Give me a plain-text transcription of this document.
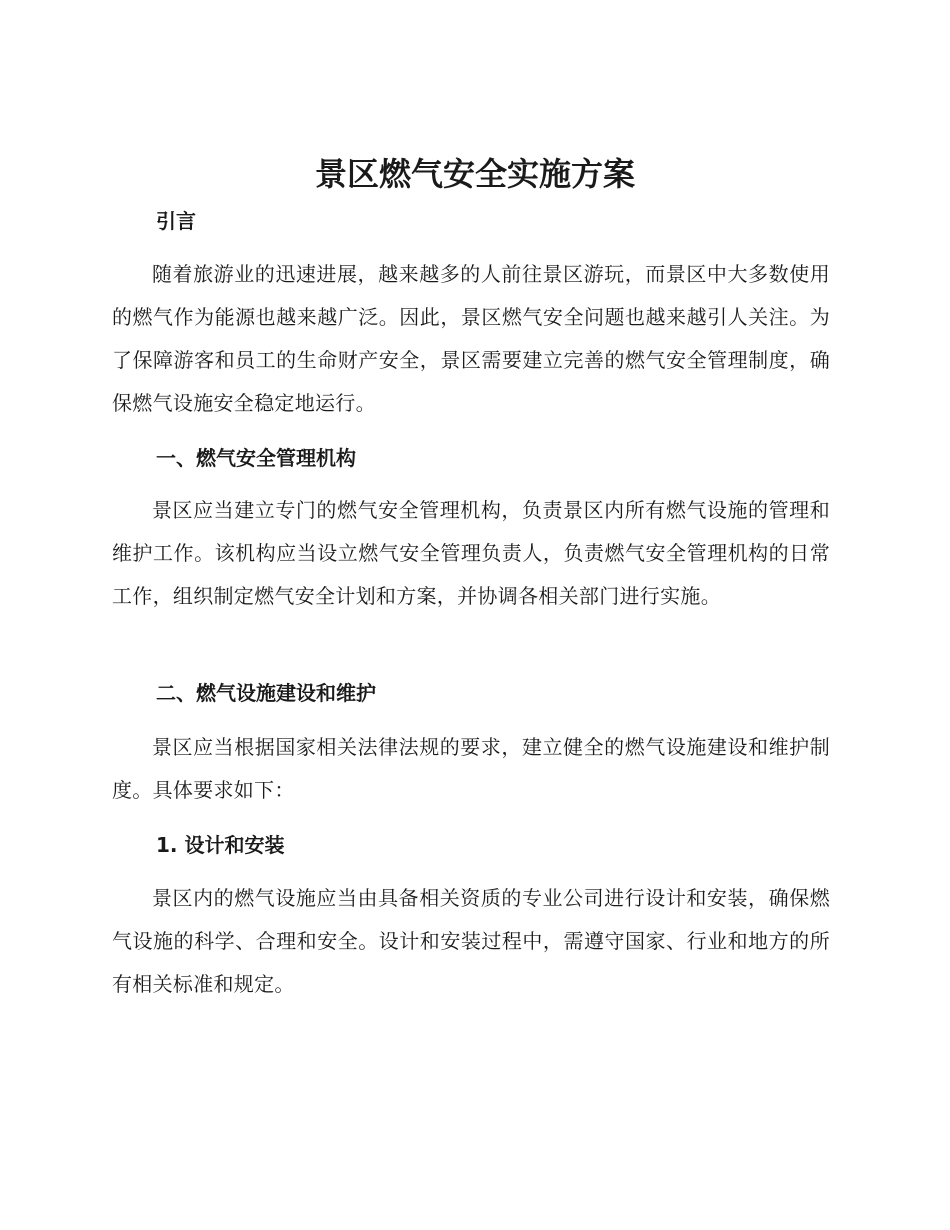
景区燃气安全实施方案
引言

随着旅游业的迅速进展，越来越多的人前往景区游玩，而景区中大多数使用的燃气作为能源也越来越广泛。因此，景区燃气安全问题也越来越引人关注。为了保障游客和员工的生命财产安全，景区需要建立完善的燃气安全管理制度，确保燃气设施安全稳定地运行。

一、燃气安全管理机构

景区应当建立专门的燃气安全管理机构，负责景区内所有燃气设施的管理和维护工作。该机构应当设立燃气安全管理负责人，负责燃气安全管理机构的日常工作，组织制定燃气安全计划和方案，并协调各相关部门进行实施。

二、燃气设施建设和维护

景区应当根据国家相关法律法规的要求，建立健全的燃气设施建设和维护制度。具体要求如下：

1. 设计和安装

景区内的燃气设施应当由具备相关资质的专业公司进行设计和安装，确保燃气设施的科学、合理和安全。设计和安装过程中，需遵守国家、行业和地方的所有相关标准和规定。
